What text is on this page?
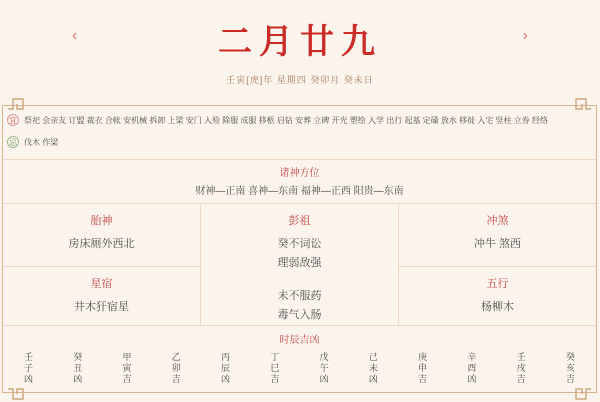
‹	二月廿九	›
壬寅[虎]年 星期四 癸卯月 癸未日
宜 祭祀 会亲友 订盟 裁衣 合帐 安机械 拆卸 上梁 安门 入殓 除服 成服 移柩 启钻 安葬 立碑 开光 塑绘 入学 出行 起基 定磉 放水 移徙 入宅 竖柱 立券 经络
忌 伐木 作梁
诸神方位
财神—正南 喜神—东南 福神—正西 阳贵—东南
胎神
房床厕外西北
星宿
井木犴宿星
彭祖
癸不词讼
理弱敌强
未不服药
毒气入肠
冲煞
冲牛 煞西
五行
杨柳木
时辰吉凶
壬子凶
癸丑凶
甲寅吉
乙卯吉
丙辰凶
丁巳吉
戊午凶
己未凶
庚申吉
辛酉凶
壬戌吉
癸亥吉
